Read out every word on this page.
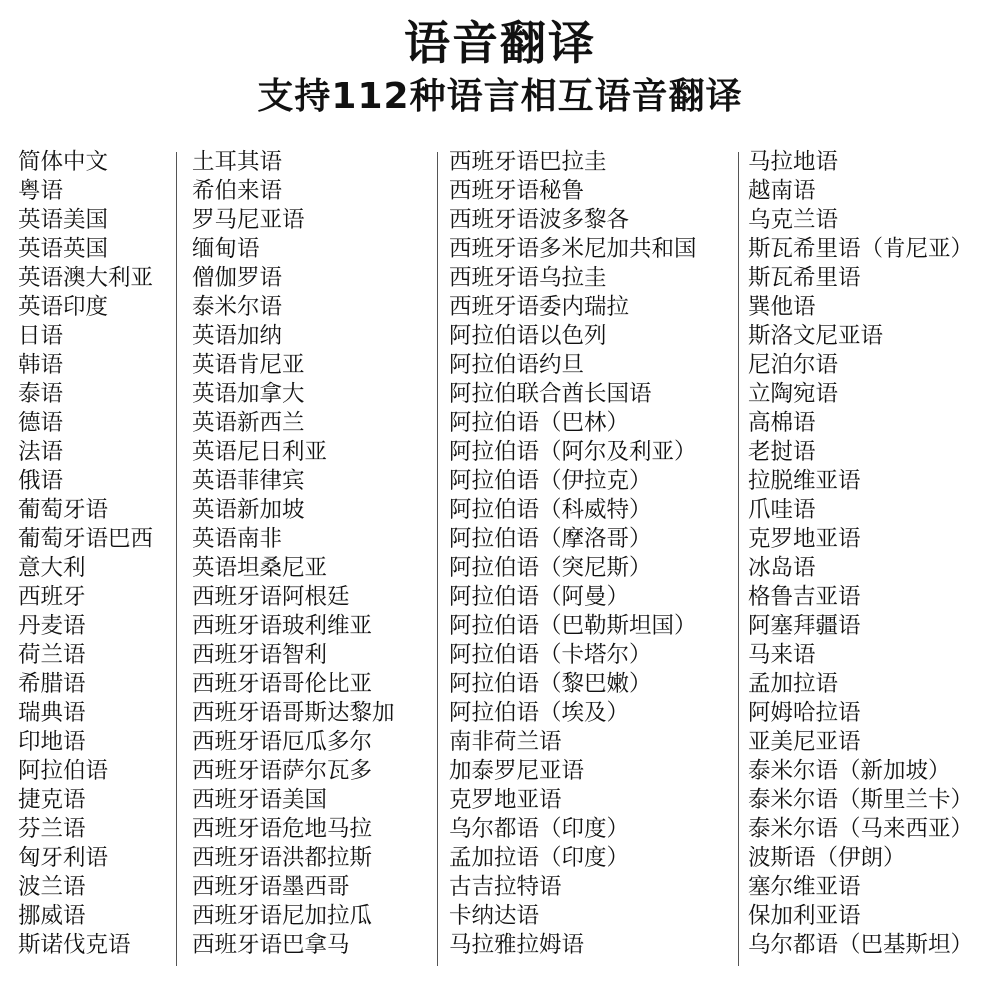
语音翻译
支持112种语言相互语音翻译
简体中文
粤语
英语美国
英语英国
英语澳大利亚
英语印度
日语
韩语
泰语
德语
法语
俄语
葡萄牙语
葡萄牙语巴西
意大利
西班牙
丹麦语
荷兰语
希腊语
瑞典语
印地语
阿拉伯语
捷克语
芬兰语
匈牙利语
波兰语
挪威语
斯诺伐克语
土耳其语
希伯来语
罗马尼亚语
缅甸语
僧伽罗语
泰米尔语
英语加纳
英语肯尼亚
英语加拿大
英语新西兰
英语尼日利亚
英语菲律宾
英语新加坡
英语南非
英语坦桑尼亚
西班牙语阿根廷
西班牙语玻利维亚
西班牙语智利
西班牙语哥伦比亚
西班牙语哥斯达黎加
西班牙语厄瓜多尔
西班牙语萨尔瓦多
西班牙语美国
西班牙语危地马拉
西班牙语洪都拉斯
西班牙语墨西哥
西班牙语尼加拉瓜
西班牙语巴拿马
西班牙语巴拉圭
西班牙语秘鲁
西班牙语波多黎各
西班牙语多米尼加共和国
西班牙语乌拉圭
西班牙语委内瑞拉
阿拉伯语以色列
阿拉伯语约旦
阿拉伯联合酋长国语
阿拉伯语（巴林）
阿拉伯语（阿尔及利亚）
阿拉伯语（伊拉克）
阿拉伯语（科威特）
阿拉伯语（摩洛哥）
阿拉伯语（突尼斯）
阿拉伯语（阿曼）
阿拉伯语（巴勒斯坦国）
阿拉伯语（卡塔尔）
阿拉伯语（黎巴嫩）
阿拉伯语（埃及）
南非荷兰语
加泰罗尼亚语
克罗地亚语
乌尔都语（印度）
孟加拉语（印度）
古吉拉特语
卡纳达语
马拉雅拉姆语
马拉地语
越南语
乌克兰语
斯瓦希里语（肯尼亚）
斯瓦希里语
巽他语
斯洛文尼亚语
尼泊尔语
立陶宛语
高棉语
老挝语
拉脱维亚语
爪哇语
克罗地亚语
冰岛语
格鲁吉亚语
阿塞拜疆语
马来语
孟加拉语
阿姆哈拉语
亚美尼亚语
泰米尔语（新加坡）
泰米尔语（斯里兰卡）
泰米尔语（马来西亚）
波斯语（伊朗）
塞尔维亚语
保加利亚语
乌尔都语（巴基斯坦）
